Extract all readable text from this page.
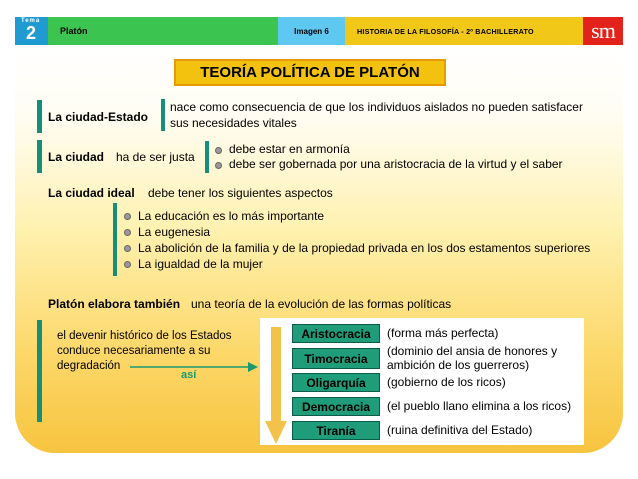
Tema
2	Platón	Imagen 6	HISTORIA DE LA FILOSOFÍA - 2º BACHILLERATO	sm
TEORÍA POLÍTICA DE PLATÓN
La ciudad-Estado
nace como consecuencia de que los individuos aislados no pueden satisfacer
sus necesidades vitales
La ciudad ha de ser justa
debe estar en armonía
debe ser gobernada por una aristocracia de la virtud y el saber
La ciudad ideal debe tener los siguientes aspectos
La educación es lo más importante
La eugenesia
La abolición de la familia y de la propiedad privada en los dos estamentos superiores
La igualdad de la mujer
Platón elabora también una teoría de la evolución de las formas políticas
el devenir histórico de los Estados
conduce necesariamente a su
degradación
así
Aristocracia	(forma más perfecta)
Timocracia
(dominio del ansia de honores y
ambición de los guerreros)
Oligarquía	(gobierno de los ricos)
Democracia	(el pueblo llano elimina a los ricos)
Tiranía	(ruina definitiva del Estado)
